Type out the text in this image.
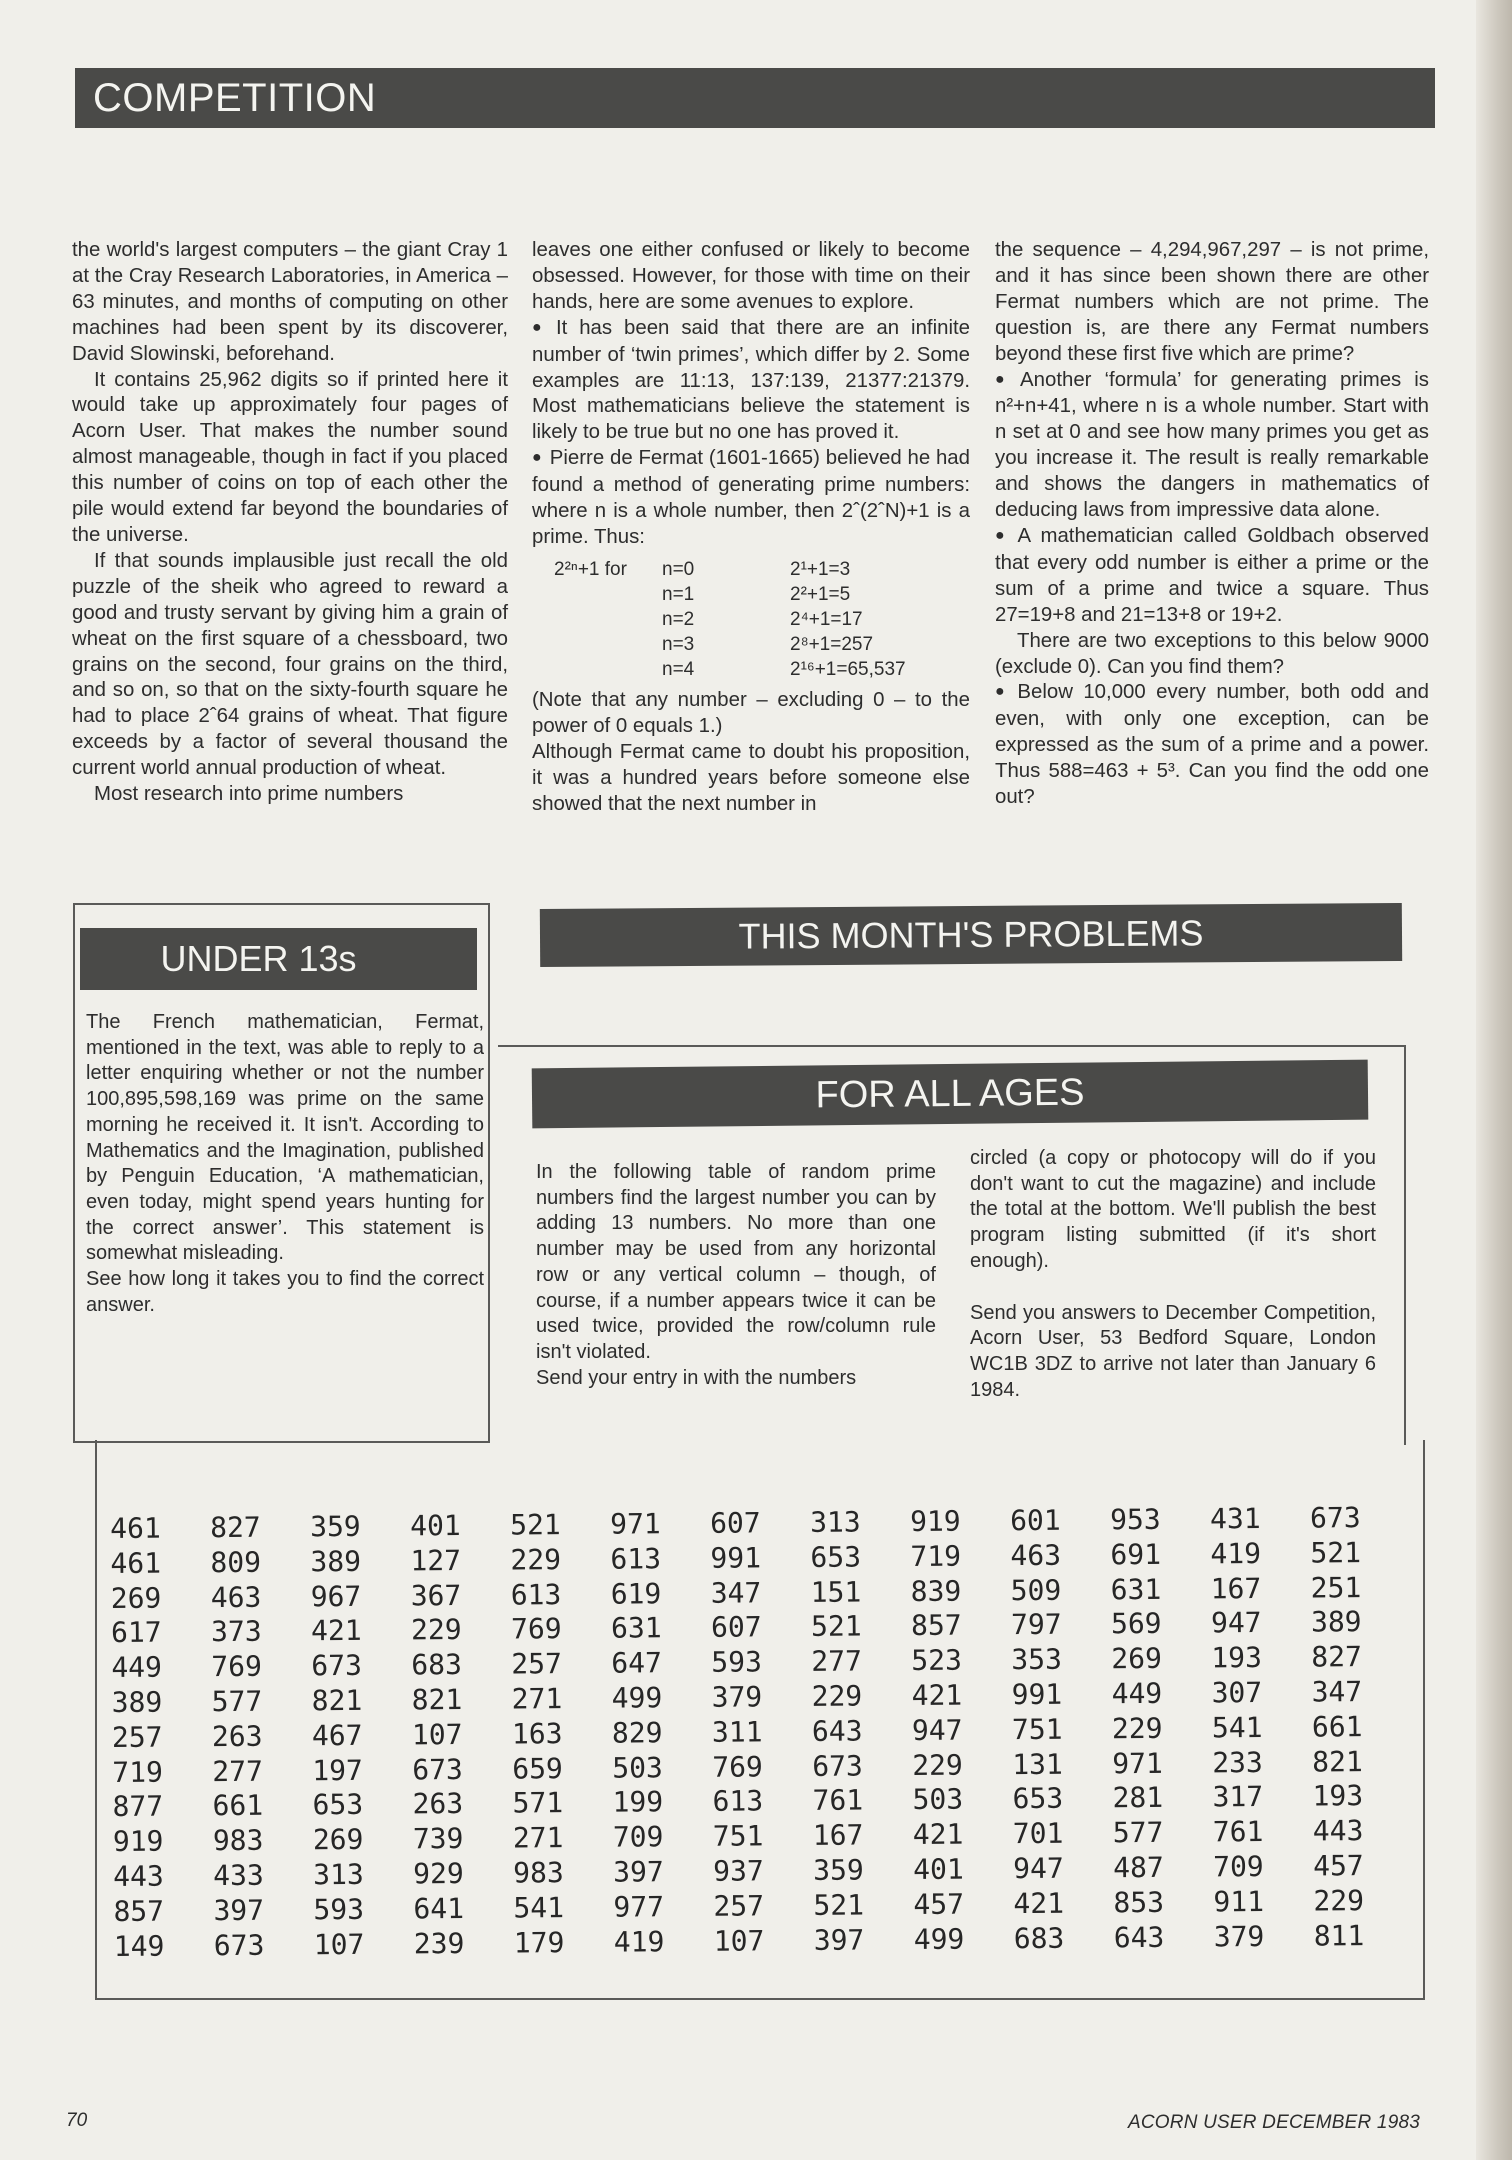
COMPETITION

the world's largest computers – the giant Cray 1 at the Cray Research Laboratories, in America – 63 minutes, and months of computing on other machines had been spent by its discoverer, David Slowinski, beforehand.

It contains 25,962 digits so if printed here it would take up approximately four pages of Acorn User. That makes the number sound almost manageable, though in fact if you placed this number of coins on top of each other the pile would extend far beyond the boundaries of the universe.

If that sounds implausible just recall the old puzzle of the sheik who agreed to reward a good and trusty servant by giving him a grain of wheat on the first square of a chessboard, two grains on the second, four grains on the third, and so on, so that on the sixty-fourth square he had to place 2ˆ64 grains of wheat. That figure exceeds by a factor of several thousand the current world annual production of wheat.

Most research into prime numbers

leaves one either confused or likely to become obsessed. However, for those with time on their hands, here are some avenues to explore.

● It has been said that there are an infinite number of ‘twin primes’, which differ by 2. Some examples are 11:13, 137:139, 21377:21379. Most mathematicians believe the statement is likely to be true but no one has proved it.

● Pierre de Fermat (1601-1665) believed he had found a method of generating prime numbers: where n is a whole number, then 2ˆ(2ˆN)+1 is a prime. Thus:

2²ⁿ+1 for	n=0	2¹+1=3
n=1	2²+1=5
n=2	2⁴+1=17
n=3	2⁸+1=257
n=4	2¹⁶+1=65,537

(Note that any number – excluding 0 – to the power of 0 equals 1.)

Although Fermat came to doubt his proposition, it was a hundred years before someone else showed that the next number in

the sequence – 4,294,967,297 – is not prime, and it has since been shown there are other Fermat numbers which are not prime. The question is, are there any Fermat numbers beyond these first five which are prime?

● Another ‘formula’ for generating primes is n²+n+41, where n is a whole number. Start with n set at 0 and see how many primes you get as you increase it. The result is really remarkable and shows the dangers in mathematics of deducing laws from impressive data alone.

● A mathematician called Goldbach observed that every odd number is either a prime or the sum of a prime and twice a square. Thus 27=19+8 and 21=13+8 or 19+2.

There are two exceptions to this below 9000 (exclude 0). Can you find them?

● Below 10,000 every number, both odd and even, with only one exception, can be expressed as the sum of a prime and a power. Thus 588=463 + 5³. Can you find the odd one out?

UNDER 13s

The French mathematician, Fermat, mentioned in the text, was able to reply to a letter enquiring whether or not the number 100,895,598,169 was prime on the same morning he received it. It isn't. According to Mathematics and the Imagination, published by Penguin Education, ‘A mathematician, even today, might spend years hunting for the correct answer’. This statement is somewhat misleading.

See how long it takes you to find the correct answer.

THIS MONTH'S PROBLEMS
FOR ALL AGES

In the following table of random prime numbers find the largest number you can by adding 13 numbers. No more than one number may be used from any horizontal row or any vertical column – though, of course, if a number appears twice it can be used twice, provided the row/column rule isn't violated.

Send your entry in with the numbers

circled (a copy or photocopy will do if you don't want to cut the magazine) and include the total at the bottom. We'll publish the best program listing submitted (if it's short enough).

Send you answers to December Competition, Acorn User, 53 Bedford Square, London WC1B 3DZ to arrive not later than January 6 1984.

461	827	359	401	521	971	607	313	919	601	953	431	673
461	809	389	127	229	613	991	653	719	463	691	419	521
269	463	967	367	613	619	347	151	839	509	631	167	251
617	373	421	229	769	631	607	521	857	797	569	947	389
449	769	673	683	257	647	593	277	523	353	269	193	827
389	577	821	821	271	499	379	229	421	991	449	307	347
257	263	467	107	163	829	311	643	947	751	229	541	661
719	277	197	673	659	503	769	673	229	131	971	233	821
877	661	653	263	571	199	613	761	503	653	281	317	193
919	983	269	739	271	709	751	167	421	701	577	761	443
443	433	313	929	983	397	937	359	401	947	487	709	457
857	397	593	641	541	977	257	521	457	421	853	911	229
149	673	107	239	179	419	107	397	499	683	643	379	811
70	ACORN USER DECEMBER 1983
